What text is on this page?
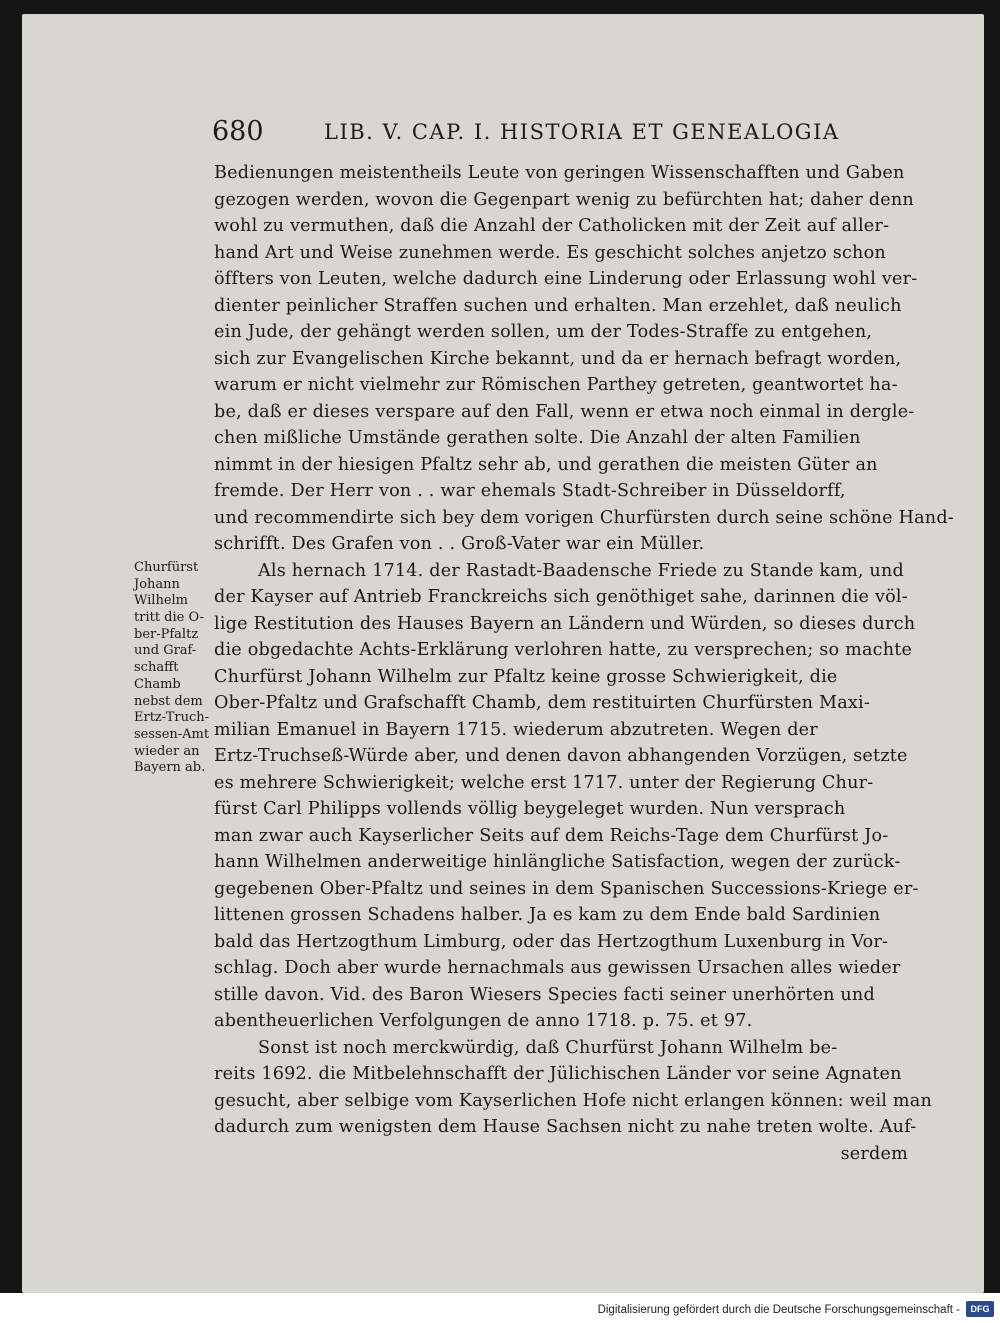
680	LIB. V. CAP. I. HISTORIA ET GENEALOGIA
Bedienungen meistentheils Leute von geringen Wissenschafften und Gaben
gezogen werden, wovon die Gegenpart wenig zu befürchten hat; daher denn
wohl zu vermuthen, daß die Anzahl der Catholicken mit der Zeit auf aller-
hand Art und Weise zunehmen werde. Es geschicht solches anjetzo schon
öffters von Leuten, welche dadurch eine Linderung oder Erlassung wohl ver-
dienter peinlicher Straffen suchen und erhalten. Man erzehlet, daß neulich
ein Jude, der gehängt werden sollen, um der Todes-Straffe zu entgehen,
sich zur Evangelischen Kirche bekannt, und da er hernach befragt worden,
warum er nicht vielmehr zur Römischen Parthey getreten, geantwortet ha-
be, daß er dieses verspare auf den Fall, wenn er etwa noch einmal in dergle-
chen mißliche Umstände gerathen solte. Die Anzahl der alten Familien
nimmt in der hiesigen Pfaltz sehr ab, und gerathen die meisten Güter an
fremde. Der Herr von . . war ehemals Stadt-Schreiber in Düsseldorff,
und recommendirte sich bey dem vorigen Churfürsten durch seine schöne Hand-
schrifft. Des Grafen von . . Groß-Vater war ein Müller.
Als hernach 1714. der Rastadt-Baadensche Friede zu Stande kam, und
der Kayser auf Antrieb Franckreichs sich genöthiget sahe, darinnen die völ-
lige Restitution des Hauses Bayern an Ländern und Würden, so dieses durch
die obgedachte Achts-Erklärung verlohren hatte, zu versprechen; so machte
Churfürst Johann Wilhelm zur Pfaltz keine grosse Schwierigkeit, die
Ober-Pfaltz und Grafschafft Chamb, dem restituirten Churfürsten Maxi-
milian Emanuel in Bayern 1715. wiederum abzutreten. Wegen der
Ertz-Truchseß-Würde aber, und denen davon abhangenden Vorzügen, setzte
es mehrere Schwierigkeit; welche erst 1717. unter der Regierung Chur-
fürst Carl Philipps vollends völlig beygeleget wurden. Nun versprach
man zwar auch Kayserlicher Seits auf dem Reichs-Tage dem Churfürst Jo-
hann Wilhelmen anderweitige hinlängliche Satisfaction, wegen der zurück-
gegebenen Ober-Pfaltz und seines in dem Spanischen Successions-Kriege er-
littenen grossen Schadens halber. Ja es kam zu dem Ende bald Sardinien
bald das Hertzogthum Limburg, oder das Hertzogthum Luxenburg in Vor-
schlag. Doch aber wurde hernachmals aus gewissen Ursachen alles wieder
stille davon. Vid. des Baron Wiesers Species facti seiner unerhörten und
abentheuerlichen Verfolgungen de anno 1718. p. 75. et 97.
Sonst ist noch merckwürdig, daß Churfürst Johann Wilhelm be-
reits 1692. die Mitbelehnschafft der Jülichischen Länder vor seine Agnaten
gesucht, aber selbige vom Kayserlichen Hofe nicht erlangen können: weil man
dadurch zum wenigsten dem Hause Sachsen nicht zu nahe treten wolte. Auf-
serdem
Churfürst
Johann
Wilhelm
tritt die O-
ber-Pfaltz
und Graf-
schafft
Chamb
nebst dem
Ertz-Truch-
sessen-Amt
wieder an
Bayern ab.
Digitalisierung gefördert durch die Deutsche Forschungsgemeinschaft -	DFG
